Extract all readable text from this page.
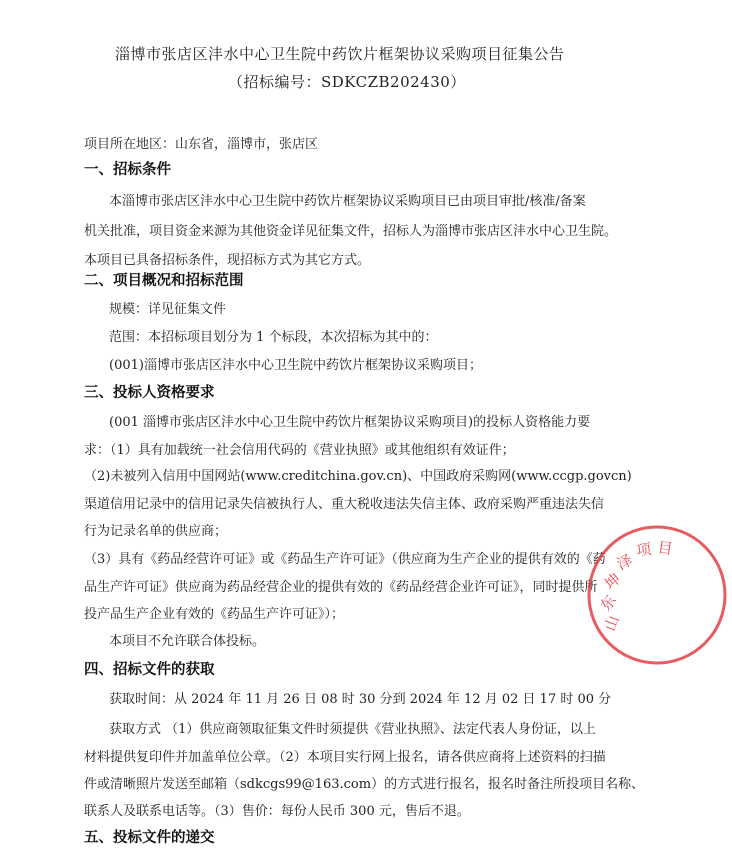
淄博市张店区沣水中心卫生院中药饮片框架协议采购项目征集公告
（招标编号：SDKCZB202430）
项目所在地区：山东省，淄博市，张店区
一、招标条件
本淄博市张店区沣水中心卫生院中药饮片框架协议采购项目已由项目审批/核准/备案
机关批准，项目资金来源为其他资金详见征集文件，招标人为淄博市张店区沣水中心卫生院。
本项目已具备招标条件，现招标方式为其它方式。
二、项目概况和招标范围
规模：详见征集文件
范围：本招标项目划分为 1 个标段，本次招标为其中的：
(001)淄博市张店区沣水中心卫生院中药饮片框架协议采购项目；
三、投标人资格要求
(001 淄博市张店区沣水中心卫生院中药饮片框架协议采购项目)的投标人资格能力要
求：（1）具有加载统一社会信用代码的《营业执照》或其他组织有效证件；
（2)未被列入信用中国网站(www.creditchina.gov.cn)、中国政府采购网(www.ccgp.govcn)
渠道信用记录中的信用记录失信被执行人、重大税收违法失信主体、政府采购严重违法失信
行为记录名单的供应商；
（3）具有《药品经营许可证》或《药品生产许可证》（供应商为生产企业的提供有效的《药
品生产许可证》供应商为药品经营企业的提供有效的《药品经营企业许可证》，同时提供所
投产品生产企业有效的《药品生产许可证》）；
本项目不允许联合体投标。
四、招标文件的获取
获取时间：从 2024 年 11 月 26 日 08 时 30 分到 2024 年 12 月 02 日 17 时 00 分
获取方式 （1）供应商领取征集文件时须提供《营业执照》、法定代表人身份证，以上
材料提供复印件并加盖单位公章。（2）本项目实行网上报名，请各供应商将上述资料的扫描
件或清晰照片发送至邮箱（sdkcgs99@163.com）的方式进行报名，报名时备注所投项目名称、
联系人及联系电话等。（3）售价：每份人民币 300 元，售后不退。
五、投标文件的递交
山
东
坤
泽
项 目
